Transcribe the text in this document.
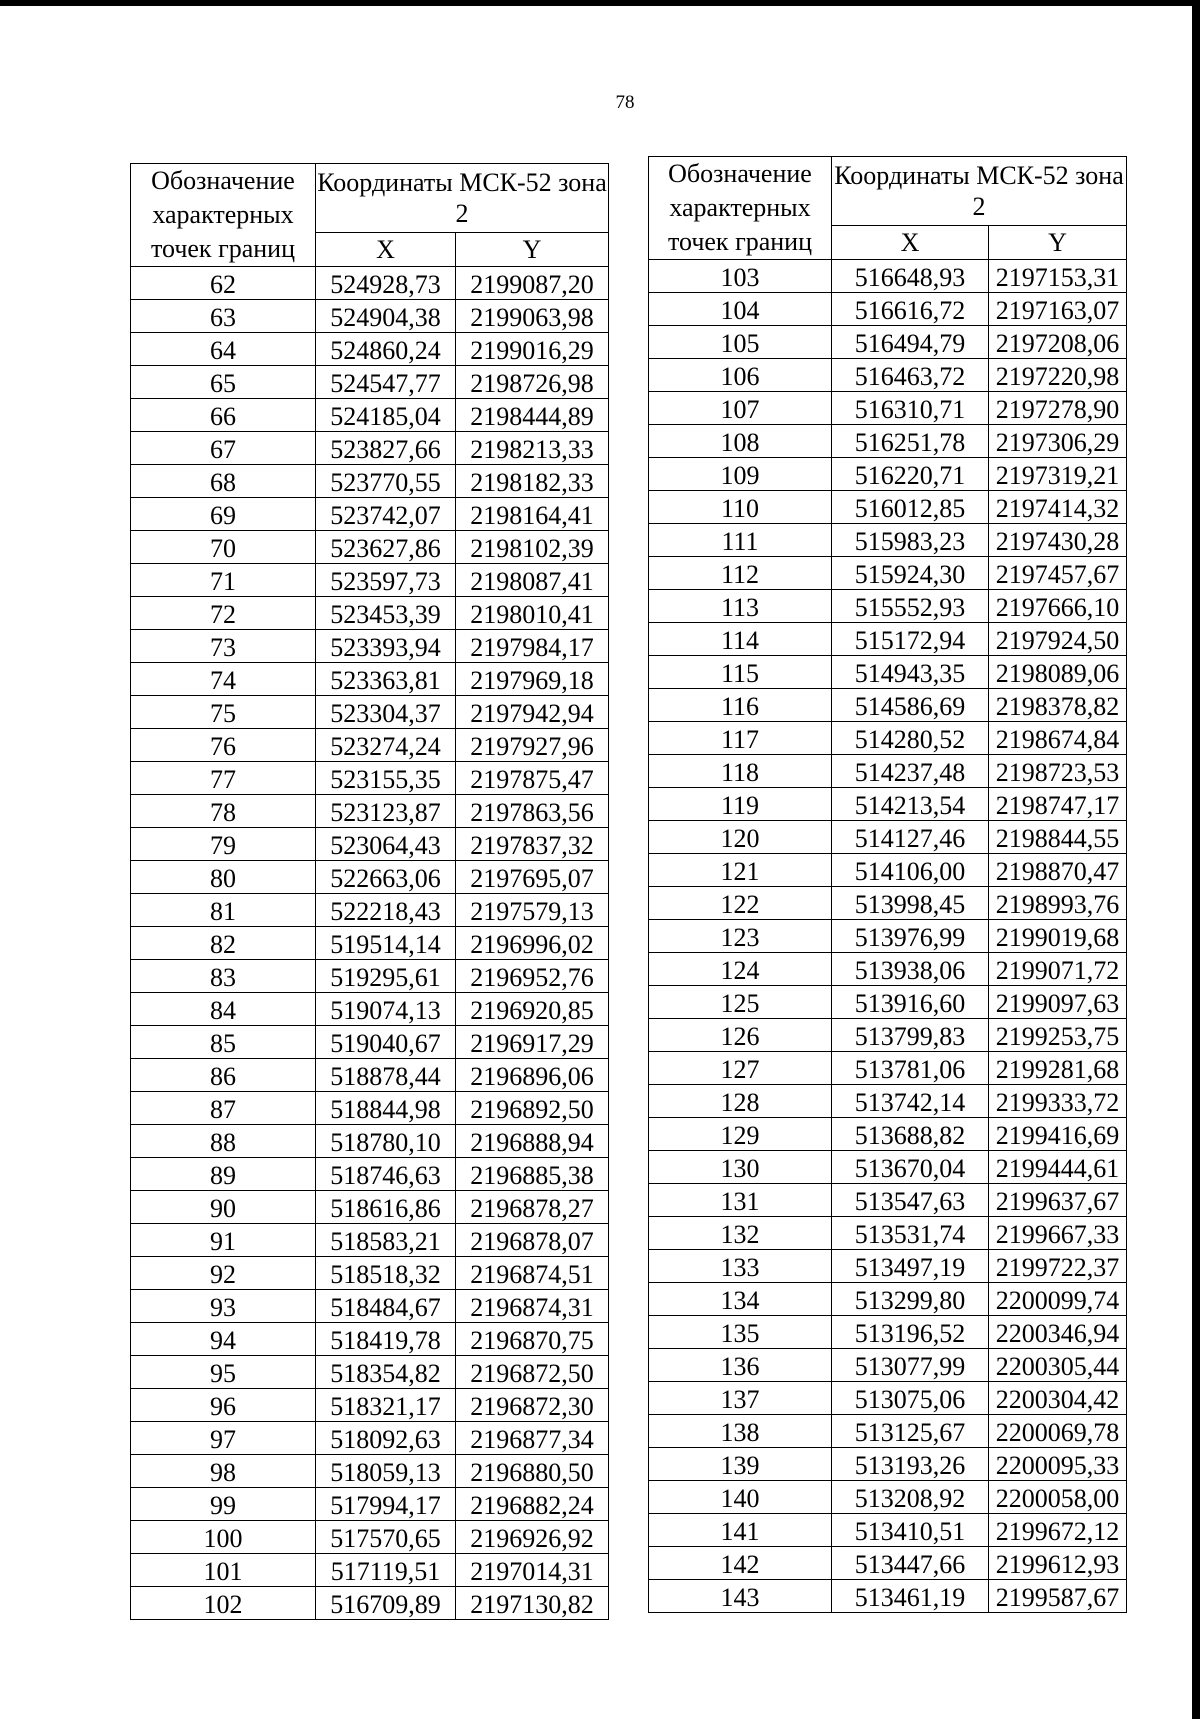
78
Обозначение характерных точек границ	Координаты МСК-52 зона 2	
	X	Y
62	524928,73	2199087,20
63	524904,38	2199063,98
64	524860,24	2199016,29
65	524547,77	2198726,98
66	524185,04	2198444,89
67	523827,66	2198213,33
68	523770,55	2198182,33
69	523742,07	2198164,41
70	523627,86	2198102,39
71	523597,73	2198087,41
72	523453,39	2198010,41
73	523393,94	2197984,17
74	523363,81	2197969,18
75	523304,37	2197942,94
76	523274,24	2197927,96
77	523155,35	2197875,47
78	523123,87	2197863,56
79	523064,43	2197837,32
80	522663,06	2197695,07
81	522218,43	2197579,13
82	519514,14	2196996,02
83	519295,61	2196952,76
84	519074,13	2196920,85
85	519040,67	2196917,29
86	518878,44	2196896,06
87	518844,98	2196892,50
88	518780,10	2196888,94
89	518746,63	2196885,38
90	518616,86	2196878,27
91	518583,21	2196878,07
92	518518,32	2196874,51
93	518484,67	2196874,31
94	518419,78	2196870,75
95	518354,82	2196872,50
96	518321,17	2196872,30
97	518092,63	2196877,34
98	518059,13	2196880,50
99	517994,17	2196882,24
100	517570,65	2196926,92
101	517119,51	2197014,31
102	516709,89	2197130,82
Обозначение характерных точек границ	Координаты МСК-52 зона 2	
	X	Y
103	516648,93	2197153,31
104	516616,72	2197163,07
105	516494,79	2197208,06
106	516463,72	2197220,98
107	516310,71	2197278,90
108	516251,78	2197306,29
109	516220,71	2197319,21
110	516012,85	2197414,32
111	515983,23	2197430,28
112	515924,30	2197457,67
113	515552,93	2197666,10
114	515172,94	2197924,50
115	514943,35	2198089,06
116	514586,69	2198378,82
117	514280,52	2198674,84
118	514237,48	2198723,53
119	514213,54	2198747,17
120	514127,46	2198844,55
121	514106,00	2198870,47
122	513998,45	2198993,76
123	513976,99	2199019,68
124	513938,06	2199071,72
125	513916,60	2199097,63
126	513799,83	2199253,75
127	513781,06	2199281,68
128	513742,14	2199333,72
129	513688,82	2199416,69
130	513670,04	2199444,61
131	513547,63	2199637,67
132	513531,74	2199667,33
133	513497,19	2199722,37
134	513299,80	2200099,74
135	513196,52	2200346,94
136	513077,99	2200305,44
137	513075,06	2200304,42
138	513125,67	2200069,78
139	513193,26	2200095,33
140	513208,92	2200058,00
141	513410,51	2199672,12
142	513447,66	2199612,93
143	513461,19	2199587,67
